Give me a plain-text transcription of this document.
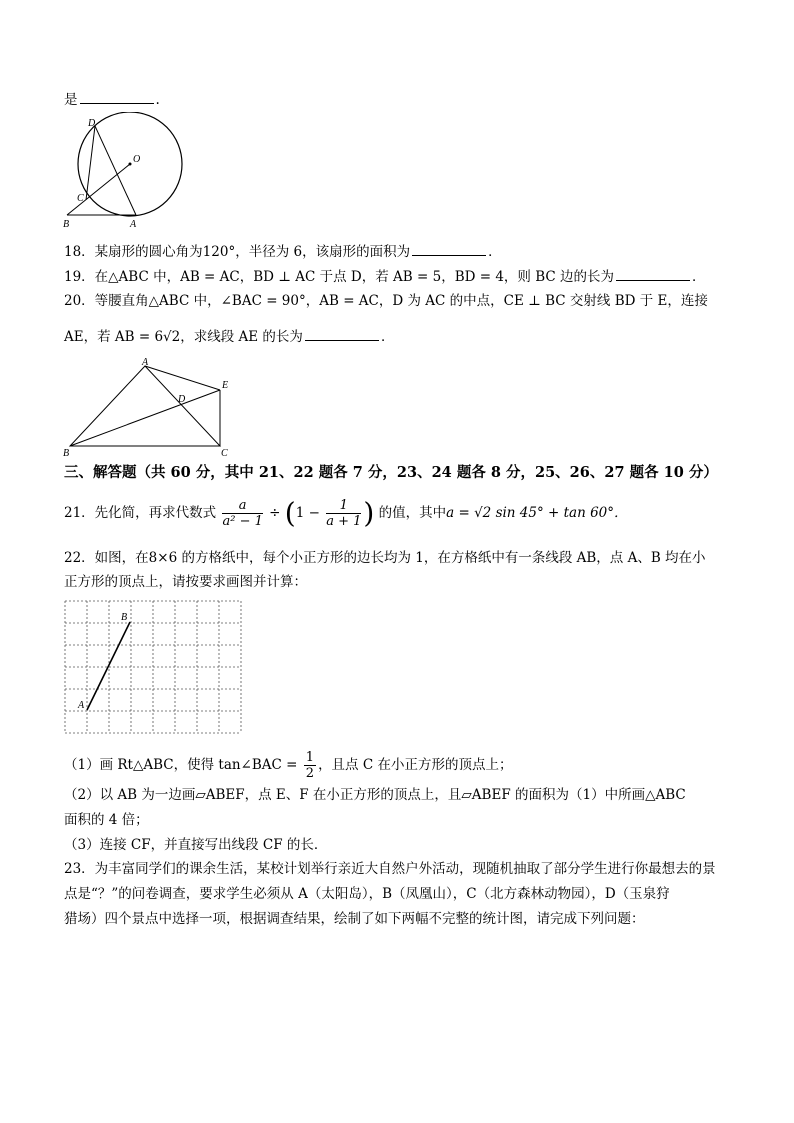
是	.
D
O
C
B	A
18．某扇形的圆心角为120°，半径为 6，该扇形的面积为	．
19．在△ABC 中，AB = AC，BD ⊥ AC 于点 D，若 AB = 5，BD = 4，则 BC 边的长为	．
20．等腰直角△ABC 中，∠BAC = 90°，AB = AC，D 为 AC 的中点，CE ⊥ BC 交射线 BD 于 E，连接
AE，若 AB = 6√2，求线段 AE 的长为	．
A
E
D
B	C
三、解答题（共 60 分，其中 21、22 题各 7 分，23、24 题各 8 分，25、26、27 题各 10 分）
21．先化简，再求代数式 $\frac{a}{\text{a² − 1}} \div (1 - \frac{1}{a + 1}$ ) 的值，其中a = √2 sin 45° + tan 60°．
22．如图，在8×6 的方格纸中，每个小正方形的边长均为 1，在方格纸中有一条线段 AB，点 A、B 均在小
正方形的顶点上，请按要求画图并计算：
A
B
（1）画 Rt△ABC，使得 tan∠BAC = $\frac{1}{2}$ ，且点 C 在小正方形的顶点上；
（2）以 AB 为一边画▱ABEF，点 E、F 在小正方形的顶点上，且▱ABEF 的面积为（1）中所画△ABC
面积的 4 倍；
（3）连接 CF，并直接写出线段 CF 的长．
23．为丰富同学们的课余生活，某校计划举行亲近大自然户外活动，现随机抽取了部分学生进行你最想去的景
点是“？”的问卷调查，要求学生必须从 A（太阳岛），B（凤凰山），C（北方森林动物园），D（玉泉狩
猎场）四个景点中选择一项，根据调查结果，绘制了如下两幅不完整的统计图，请完成下列问题：
